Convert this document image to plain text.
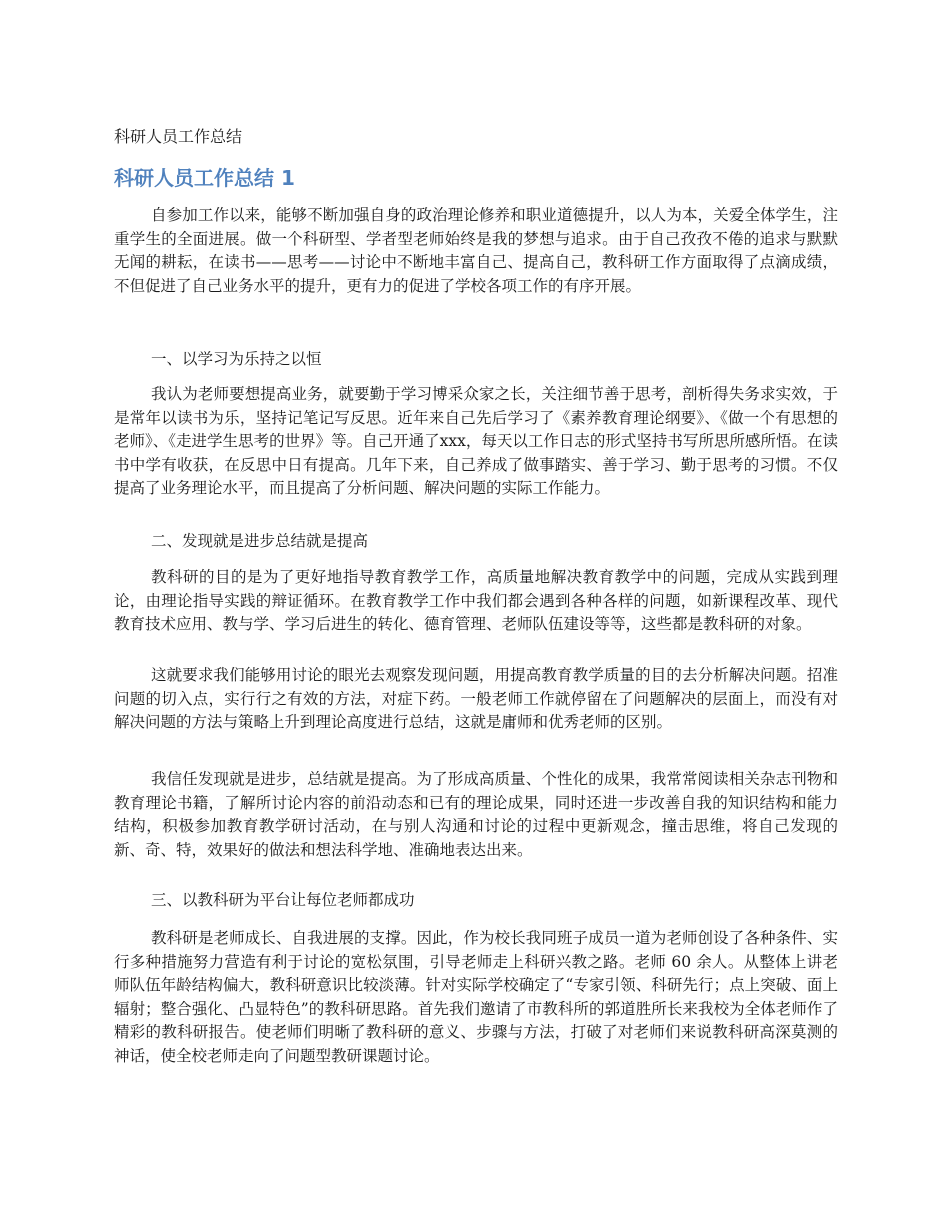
科研人员工作总结
科研人员工作总结 1

自参加工作以来，能够不断加强自身的政治理论修养和职业道德提升，以人为本，关爱全体学生，注重学生的全面进展。做一个科研型、学者型老师始终是我的梦想与追求。由于自己孜孜不倦的追求与默默无闻的耕耘，在读书——思考——讨论中不断地丰富自己、提高自己，教科研工作方面取得了点滴成绩，不但促进了自己业务水平的提升，更有力的促进了学校各项工作的有序开展。

一、以学习为乐持之以恒

我认为老师要想提高业务，就要勤于学习博采众家之长，关注细节善于思考，剖析得失务求实效，于是常年以读书为乐，坚持记笔记写反思。近年来自己先后学习了《素养教育理论纲要》、《做一个有思想的老师》、《走进学生思考的世界》等。自己开通了xxx，每天以工作日志的形式坚持书写所思所感所悟。在读书中学有收获，在反思中日有提高。几年下来，自己养成了做事踏实、善于学习、勤于思考的习惯。不仅提高了业务理论水平，而且提高了分析问题、解决问题的实际工作能力。

二、发现就是进步总结就是提高

教科研的目的是为了更好地指导教育教学工作，高质量地解决教育教学中的问题，完成从实践到理论，由理论指导实践的辩证循环。在教育教学工作中我们都会遇到各种各样的问题，如新课程改革、现代教育技术应用、教与学、学习后进生的转化、德育管理、老师队伍建设等等，这些都是教科研的对象。

这就要求我们能够用讨论的眼光去观察发现问题，用提高教育教学质量的目的去分析解决问题。招准问题的切入点，实行行之有效的方法，对症下药。一般老师工作就停留在了问题解决的层面上，而没有对解决问题的方法与策略上升到理论高度进行总结，这就是庸师和优秀老师的区别。

我信任发现就是进步，总结就是提高。为了形成高质量、个性化的成果，我常常阅读相关杂志刊物和教育理论书籍，了解所讨论内容的前沿动态和已有的理论成果，同时还进一步改善自我的知识结构和能力结构，积极参加教育教学研讨活动，在与别人沟通和讨论的过程中更新观念，撞击思维，将自己发现的新、奇、特，效果好的做法和想法科学地、准确地表达出来。

三、以教科研为平台让每位老师都成功

教科研是老师成长、自我进展的支撑。因此，作为校长我同班子成员一道为老师创设了各种条件、实行多种措施努力营造有利于讨论的宽松氛围，引导老师走上科研兴教之路。老师 60 余人。从整体上讲老师队伍年龄结构偏大，教科研意识比较淡薄。针对实际学校确定了“专家引领、科研先行；点上突破、面上辐射；整合强化、凸显特色”的教科研思路。首先我们邀请了市教科所的郭道胜所长来我校为全体老师作了精彩的教科研报告。使老师们明晰了教科研的意义、步骤与方法，打破了对老师们来说教科研高深莫测的神话，使全校老师走向了问题型教研课题讨论。
